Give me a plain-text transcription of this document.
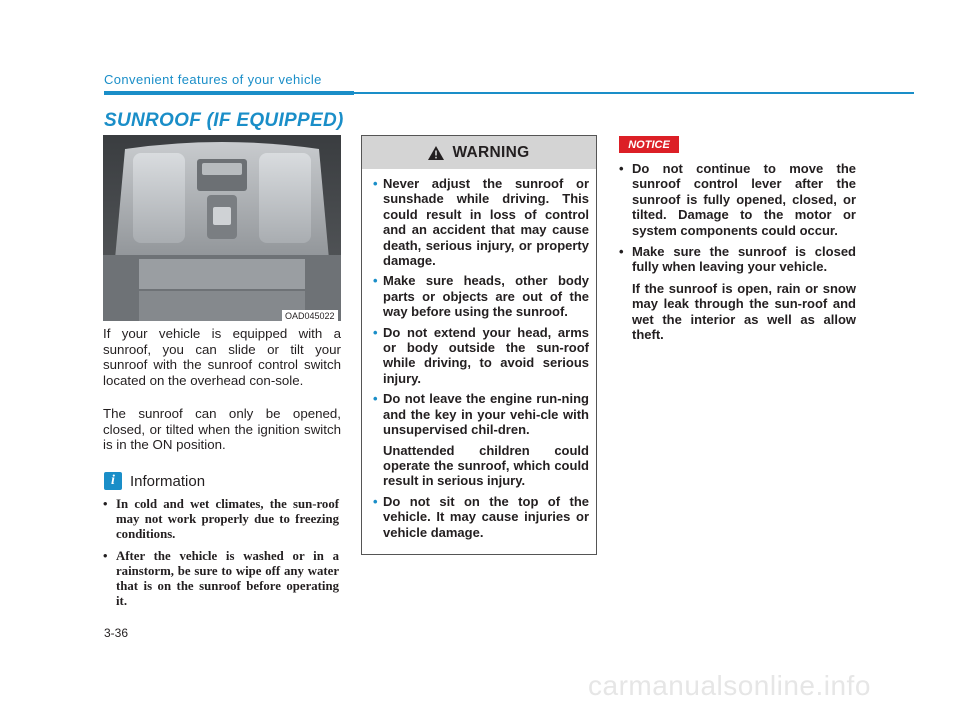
Convenient features of your vehicle
SUNROOF (IF EQUIPPED)
OAD045022

If your vehicle is equipped with a sunroof, you can slide or tilt your sunroof with the sunroof control switch located on the overhead con-sole.

The sunroof can only be opened, closed, or tilted when the ignition switch is in the ON position.

i	Information
• In cold and wet climates, the sun-roof may not work properly due to freezing conditions.
• After the vehicle is washed or in a rainstorm, be sure to wipe off any water that is on the sunroof before operating it.
WARNING
• Never adjust the sunroof or sunshade while driving. This could result in loss of control and an accident that may cause death, serious injury, or property damage.
• Make sure heads, other body parts or objects are out of the way before using the sunroof.
• Do not extend your head, arms or body outside the sun-roof while driving, to avoid serious injury.
• Do not leave the engine run-ning and the key in your vehi-cle with unsupervised chil-dren.
Unattended children could operate the sunroof, which could result in serious injury.
• Do not sit on the top of the vehicle. It may cause injuries or vehicle damage.
NOTICE
• Do not continue to move the sunroof control lever after the sunroof is fully opened, closed, or tilted. Damage to the motor or system components could occur.
• Make sure the sunroof is closed fully when leaving your vehicle.
If the sunroof is open, rain or snow may leak through the sun-roof and wet the interior as well as allow theft.
3-36
carmanualsonline.info
